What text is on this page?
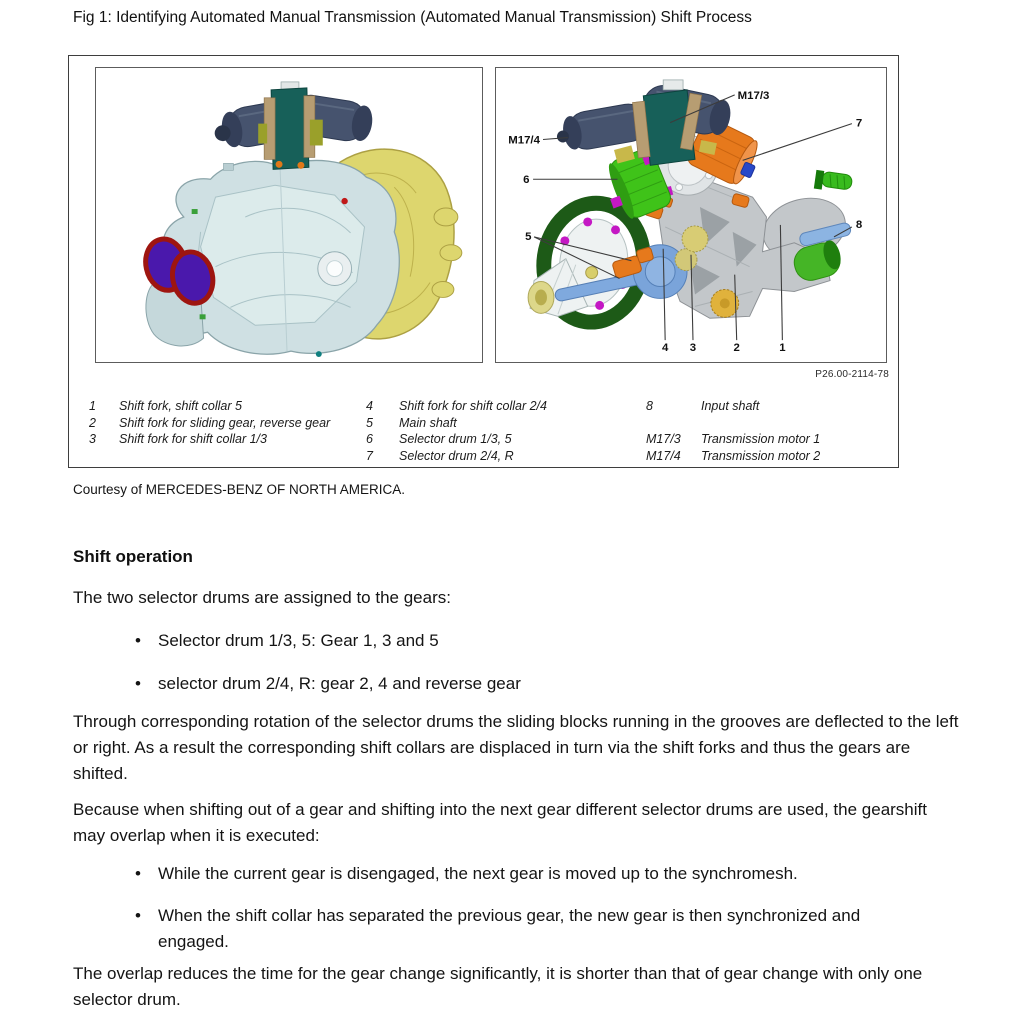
Fig 1: Identifying Automated Manual Transmission (Automated Manual Transmission) Shift Process
M17/3
7
M17/4
6
5
8
4 3	2	1
P26.00-2114-78
1	Shift fork, shift collar 5
2	Shift fork for sliding gear, reverse gear
3	Shift fork for shift collar 1/3
4	Shift fork for shift collar 2/4
5	Main shaft
6	Selector drum 1/3, 5
7	Selector drum 2/4, R
8	Input shaft
M17/3	Transmission motor 1
M17/4	Transmission motor 2
Courtesy of MERCEDES-BENZ OF NORTH AMERICA.
Shift operation
The two selector drums are assigned to the gears:
• Selector drum 1/3, 5: Gear 1, 3 and 5
• selector drum 2/4, R: gear 2, 4 and reverse gear
Through corresponding rotation of the selector drums the sliding blocks running in the grooves are deflected to the left or right. As a result the corresponding shift collars are displaced in turn via the shift forks and thus the gears are shifted.
Because when shifting out of a gear and shifting into the next gear different selector drums are used, the gearshift may overlap when it is executed:
• While the current gear is disengaged, the next gear is moved up to the synchromesh.
• When the shift collar has separated the previous gear, the new gear is then synchronized and engaged.
The overlap reduces the time for the gear change significantly, it is shorter than that of gear change with only one selector drum.
